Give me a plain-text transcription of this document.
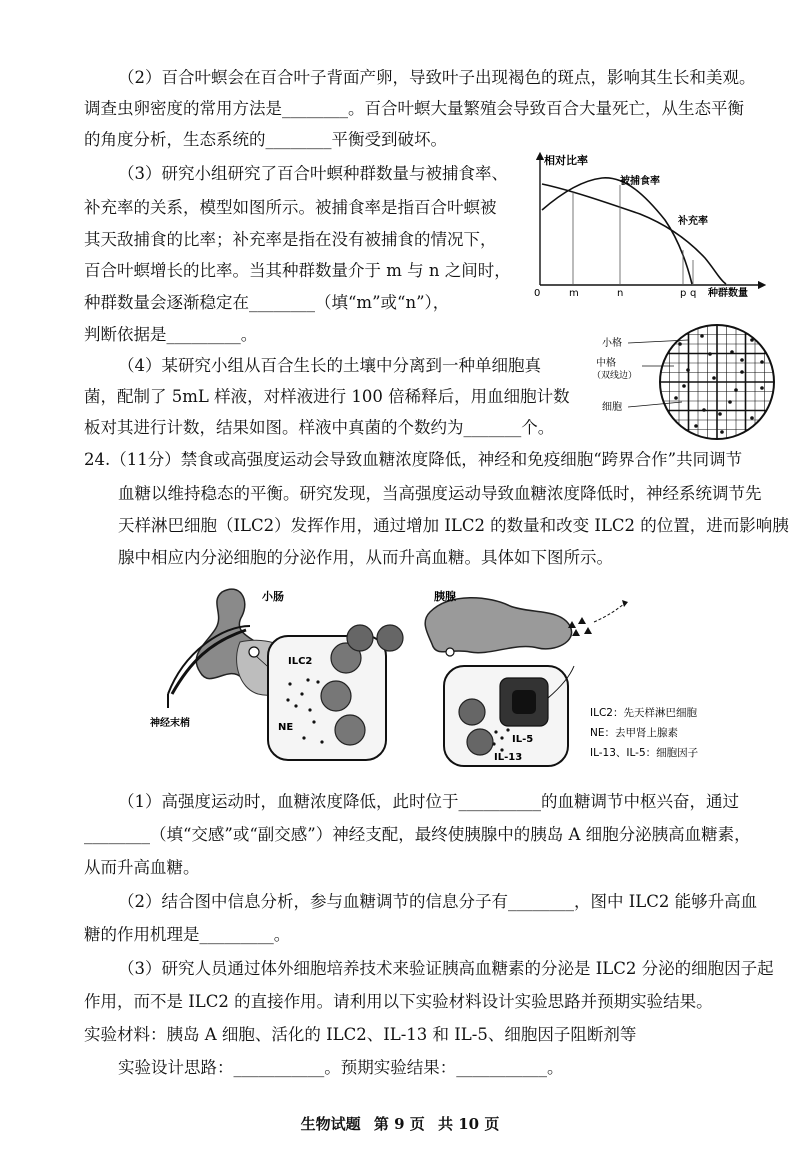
（2）百合叶螟会在百合叶子背面产卵，导致叶子出现褐色的斑点，影响其生长和美观。
调查虫卵密度的常用方法是________。百合叶螟大量繁殖会导致百合大量死亡，从生态平衡
的角度分析，生态系统的________平衡受到破坏。
（3）研究小组研究了百合叶螟种群数量与被捕食率、
补充率的关系，模型如图所示。被捕食率是指百合叶螟被
其天敌捕食的比率；补充率是指在没有被捕食的情况下，
百合叶螟增长的比率。当其种群数量介于 m 与 n 之间时，
种群数量会逐渐稳定在________（填“m”或“n”），
判断依据是_________。
相对比率
种群数量
0	m	n	p q
被捕食率
补充率
（4）某研究小组从百合生长的土壤中分离到一种单细胞真
菌，配制了 5mL 样液，对样液进行 100 倍稀释后，用血细胞计数
板对其进行计数，结果如图。样液中真菌的个数约为_______个。
小格
中格
（双线边）
细胞
24.（11分）禁食或高强度运动会导致血糖浓度降低，神经和免疫细胞“跨界合作”共同调节
血糖以维持稳态的平衡。研究发现，当高强度运动导致血糖浓度降低时，神经系统调节先
天样淋巴细胞（ILC2）发挥作用，通过增加 ILC2 的数量和改变 ILC2 的位置，进而影响胰
腺中相应内分泌细胞的分泌作用，从而升高血糖。具体如下图所示。
小肠
神经末梢
ILC2
NE
胰腺
IL-5
IL-13
ILC2：先天样淋巴细胞
NE：去甲肾上腺素
IL-13、IL-5：细胞因子
（1）高强度运动时，血糖浓度降低，此时位于__________的血糖调节中枢兴奋，通过
________（填“交感”或“副交感”）神经支配，最终使胰腺中的胰岛 A 细胞分泌胰高血糖素，
从而升高血糖。
（2）结合图中信息分析，参与血糖调节的信息分子有________，图中 ILC2 能够升高血
糖的作用机理是_________。
（3）研究人员通过体外细胞培养技术来验证胰高血糖素的分泌是 ILC2 分泌的细胞因子起
作用，而不是 ILC2 的直接作用。请利用以下实验材料设计实验思路并预期实验结果。
实验材料：胰岛 A 细胞、活化的 ILC2、IL-13 和 IL-5、细胞因子阻断剂等
实验设计思路：___________。预期实验结果：___________。
生物试题 第 9 页 共 10 页
